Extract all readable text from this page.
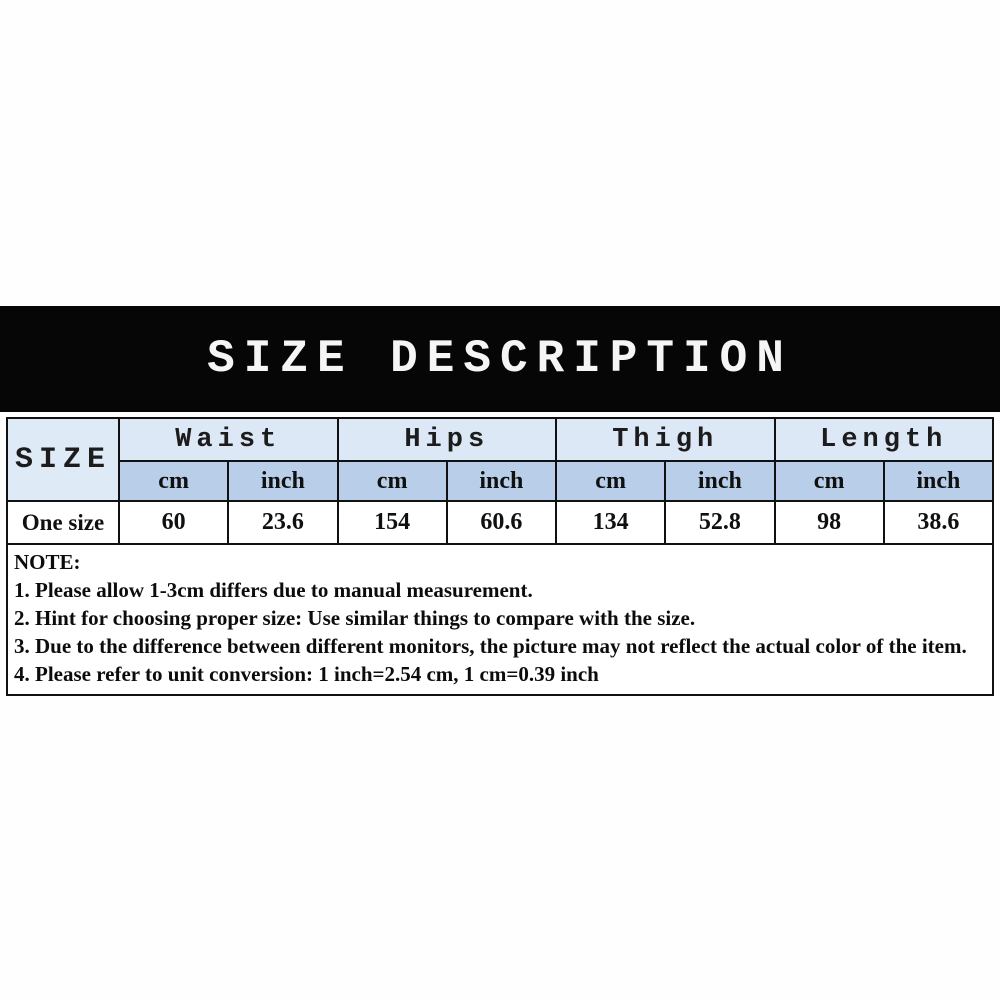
SIZE DESCRIPTION
SIZE	Waist		Hips		Thigh		Length	
	cm	inch	cm	inch	cm	inch	cm	inch
One size	60	23.6	154	60.6	134	52.8	98	38.6

NOTE:

1. Please allow 1-3cm differs due to manual measurement.

2. Hint for choosing proper size: Use similar things to compare with the size.

3. Due to the difference between different monitors, the picture may not reflect the actual color of the item.

4. Please refer to unit conversion: 1 inch=2.54 cm, 1 cm=0.39 inch
